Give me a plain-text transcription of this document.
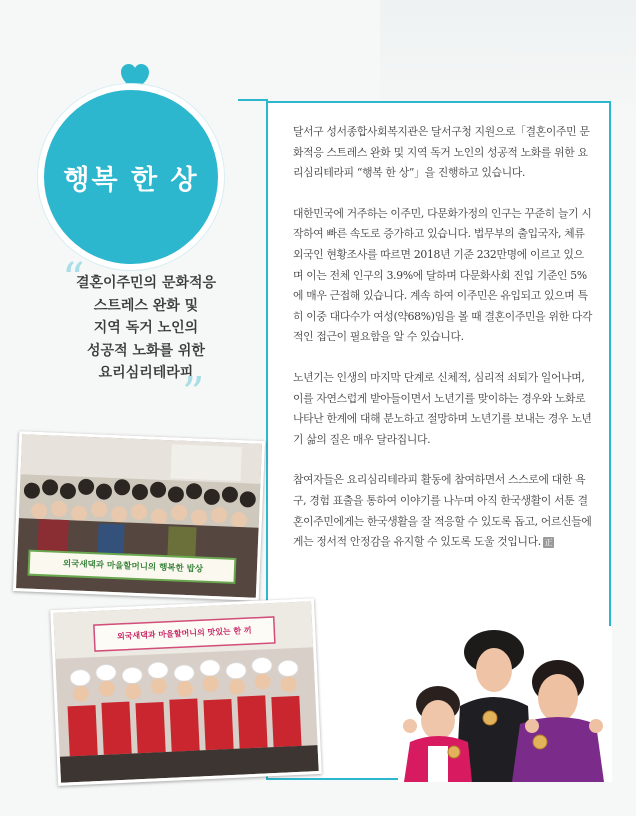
행복 한 상
“
결혼이주민의 문화적응
스트레스 완화 및
지역 독거 노인의
성공적 노화를 위한
요리심리테라피
”

달서구 성서종합사회복지관은 달서구청 지원으로「결혼이주민 문화적응 스트레스 완화 및 지역 독거 노인의 성공적 노화를 위한 요리심리테라피 “행복 한 상”」을 진행하고 있습니다.

대한민국에 거주하는 이주민, 다문화가정의 인구는 꾸준히 늘기 시작하여 빠른 속도로 증가하고 있습니다. 법무부의 출입국자, 체류 외국인 현황조사를 따르면 2018년 기준 232만명에 이르고 있으며 이는 전체 인구의 3.9%에 달하며 다문화사회 진입 기준인 5%에 매우 근접해 있습니다. 계속 하여 이주민은 유입되고 있으며 특히 이중 대다수가 여성(약68%)임을 볼 때 결혼이주민을 위한 다각적인 접근이 필요함을 알 수 있습니다.

노년기는 인생의 마지막 단계로 신체적, 심리적 쇠퇴가 일어나며, 이를 자연스럽게 받아들이면서 노년기를 맞이하는 경우와 노화로 나타난 한계에 대해 분노하고 절망하며 노년기를 보내는 경우 노년기 삶의 질은 매우 달라집니다.

참여자들은 요리심리테라피 활동에 참여하면서 스스로에 대한 욕구, 경험 표출을 통하여 이야기를 나누며 아직 한국생활이 서툰 결혼이주민에게는 한국생활을 잘 적응할 수 있도록 돕고, 어르신들에게는 정서적 안정감을 유지할 수 있도록 도울 것입니다. 正

외국새댁과 마을할머니의 행복한 밥상
외국새댁과 마을할머니의 맛있는 한 끼
